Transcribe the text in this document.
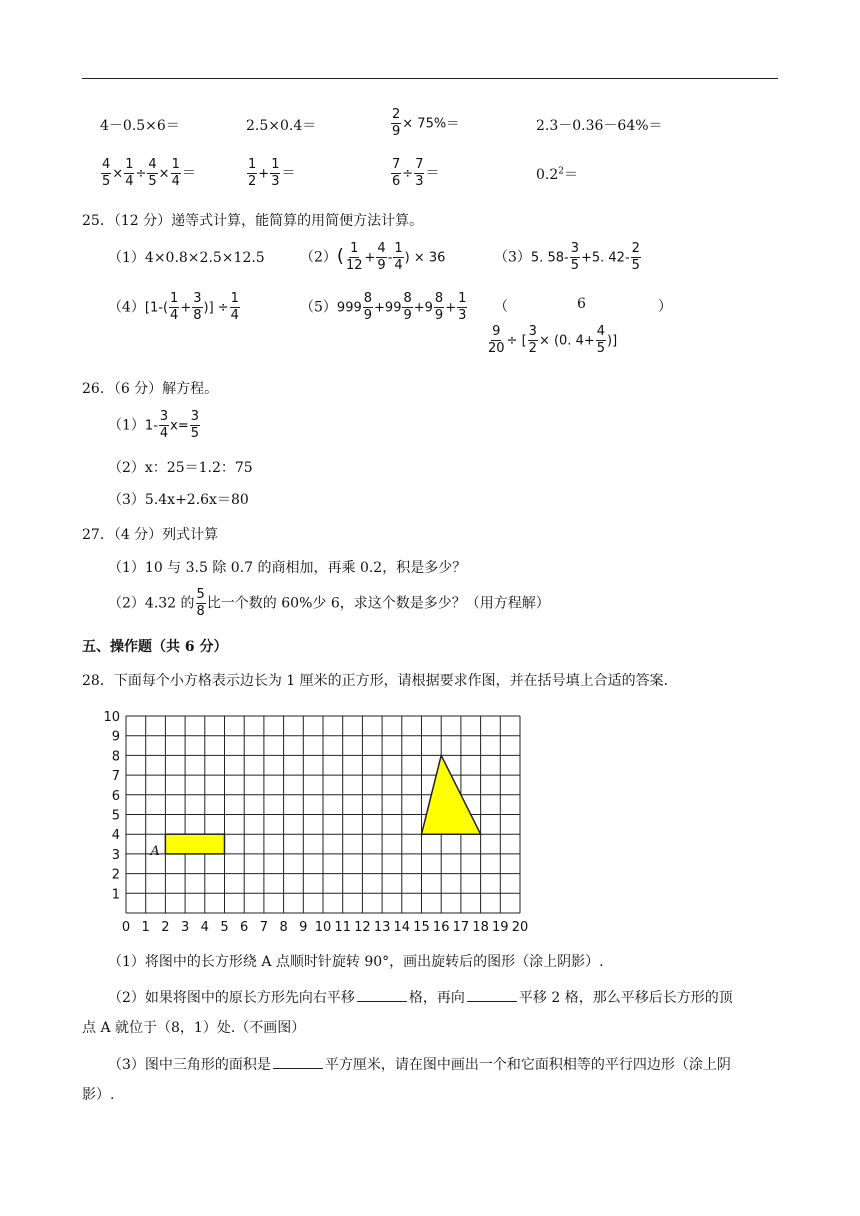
4－0.5×6＝	2.5×0.4＝	$\frac{2}{9} \times 75\%=$	2.3－0.36－64%＝
$\frac{4}{5} \times \frac{1}{4} \div \frac{4}{5} \times \frac{1}{4}$ ＝	$\frac{1}{2} + \frac{1}{3}$ ＝	$\frac{7}{6} \div \frac{7}{3}$ ＝	$0.2^2=$
25．（12 分）递等式计算，能简算的用简便方法计算。
（1）4×0.8×2.5×12.5	$(2)( \frac{1}{12} + \frac{4}{9} - \frac{1}{4}$ ) × 36	（3）5. $58- \frac{3}{5} +5$. $42- \frac{2}{5}$
$(4)[1-( \frac{1}{4} + \frac{3}{8}$ )] ÷ $\frac{1}{4}$	$(5)999 \frac{8}{9} +99 \frac{8}{9} +9 \frac{8}{9} + \frac{1}{3}$ （	6	）
$\frac{9}{20}$ ÷ [ $\frac{3}{2} \times (0$. $4+ \frac{4}{5}$ )]
26．（6 分）解方程。
$(1)1- \frac{3}{4} x= \frac{3}{5}$
（2）x：25＝1.2：75
（3）5.4x+2.6x＝80
27．（4 分）列式计算
（1）10 与 3.5 除 0.7 的商相加，再乘 0.2，积是多少？
（2）4.32 的 $\frac{5}{8}$ 比一个数的 60%少 6，求这个数是多少？（用方程解）
五、操作题（共 6 分）
28．下面每个小方格表示边长为 1 厘米的正方形，请根据要求作图，并在括号填上合适的答案．
A
0 1 2 3 4 5 6 7 8 9 10 11 12 13 14 15 16 17 18 19 20
1
2
3
4
5
6
7
8
9
10
（1）将图中的长方形绕 A 点顺时针旋转 90°，画出旋转后的图形（涂上阴影）.
（2）如果将图中的原长方形先向右平移	格，再向	平移 2 格，那么平移后长方形的顶
点 A 就位于（8，1）处.（不画图）
（3）图中三角形的面积是	平方厘米，请在图中画出一个和它面积相等的平行四边形（涂上阴
影）.
